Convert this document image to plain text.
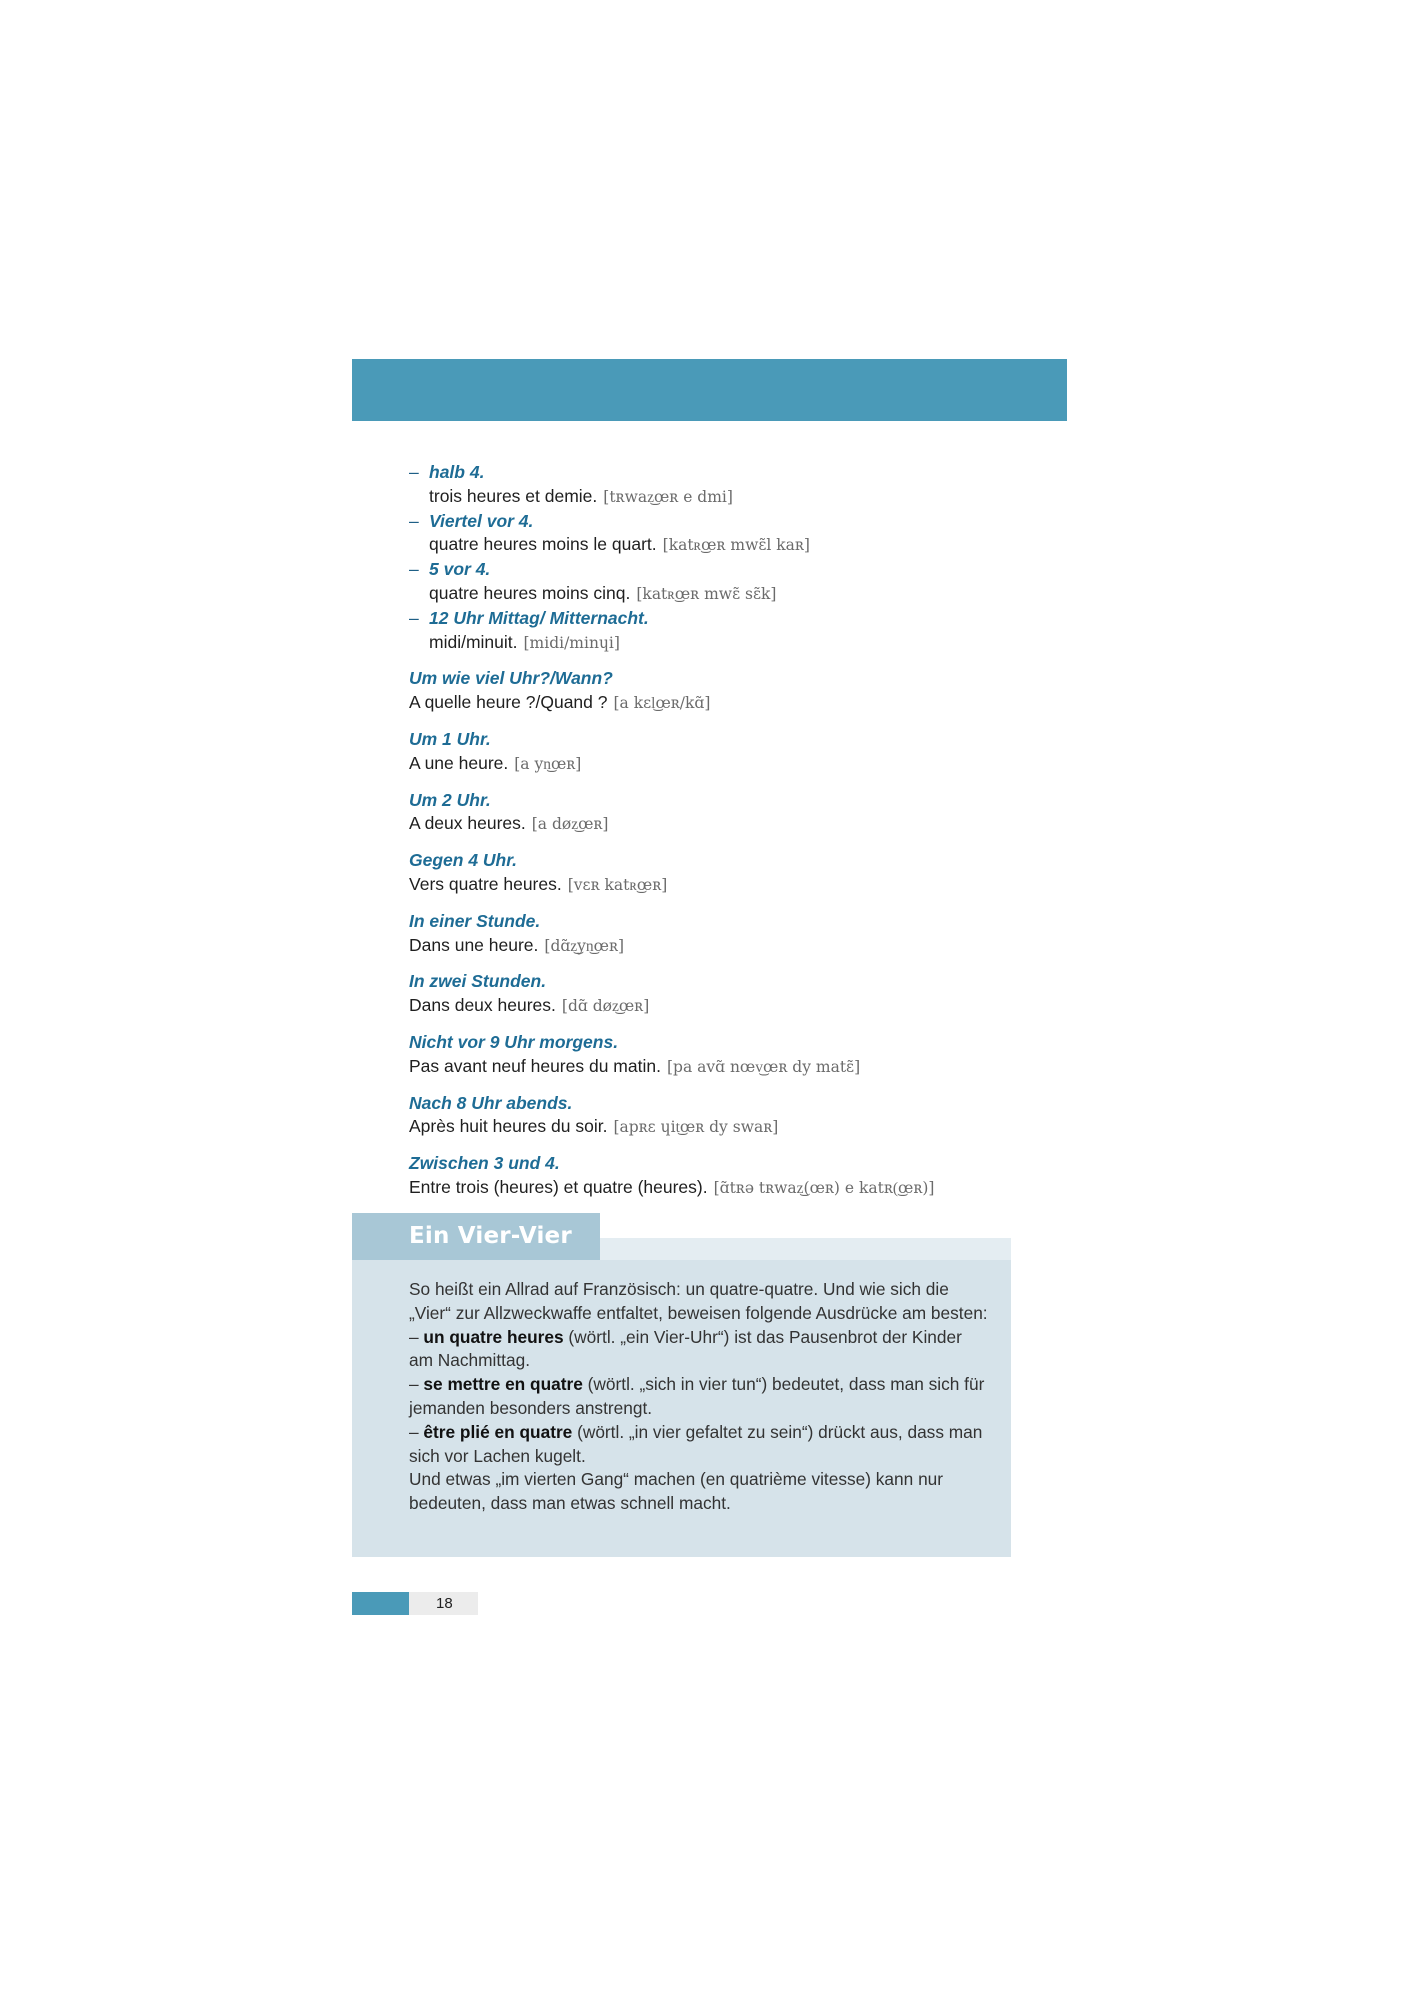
– halb 4.
trois heures et demie. [tʀwaz͜œʀ e dmi]
– Viertel vor 4.
quatre heures moins le quart. [katʀ͜œʀ mwɛ̃l kaʀ]
– 5 vor 4.
quatre heures moins cinq. [katʀ͜œʀ mwɛ̃ sɛ̃k]
– 12 Uhr Mittag/ Mitternacht.
midi/minuit. [midi/minɥi]
Um wie viel Uhr?/Wann?
A quelle heure ?/Quand ? [a kɛl͜œʀ/kɑ̃]
Um 1 Uhr.
A une heure. [a yn͜œʀ]
Um 2 Uhr.
A deux heures. [a døz͜œʀ]
Gegen 4 Uhr.
Vers quatre heures. [vɛʀ katʀ͜œʀ]
In einer Stunde.
Dans une heure. [dɑ̃z͜yn͜œʀ]
In zwei Stunden.
Dans deux heures. [dɑ̃ døz͜œʀ]
Nicht vor 9 Uhr morgens.
Pas avant neuf heures du matin. [pa avɑ̃ nœv͜œʀ dy matɛ̃]
Nach 8 Uhr abends.
Après huit heures du soir. [apʀɛ ɥit͜œʀ dy swaʀ]
Zwischen 3 und 4.
Entre trois (heures) et quatre (heures). [ɑ̃tʀə tʀwaz͜(œʀ) e katʀ(͜œʀ)]
Ein Vier-Vier
So heißt ein Allrad auf Französisch: un quatre-quatre. Und wie sich die „Vier“ zur Allzweckwaffe entfaltet, beweisen folgende Ausdrücke am besten:
– un quatre heures (wörtl. „ein Vier-Uhr“) ist das Pausenbrot der Kinder am Nachmittag.
– se mettre en quatre (wörtl. „sich in vier tun“) bedeutet, dass man sich für jemanden besonders anstrengt.
– être plié en quatre (wörtl. „in vier gefaltet zu sein“) drückt aus, dass man sich vor Lachen kugelt.
Und etwas „im vierten Gang“ machen (en quatrième vitesse) kann nur bedeuten, dass man etwas schnell macht.
18
